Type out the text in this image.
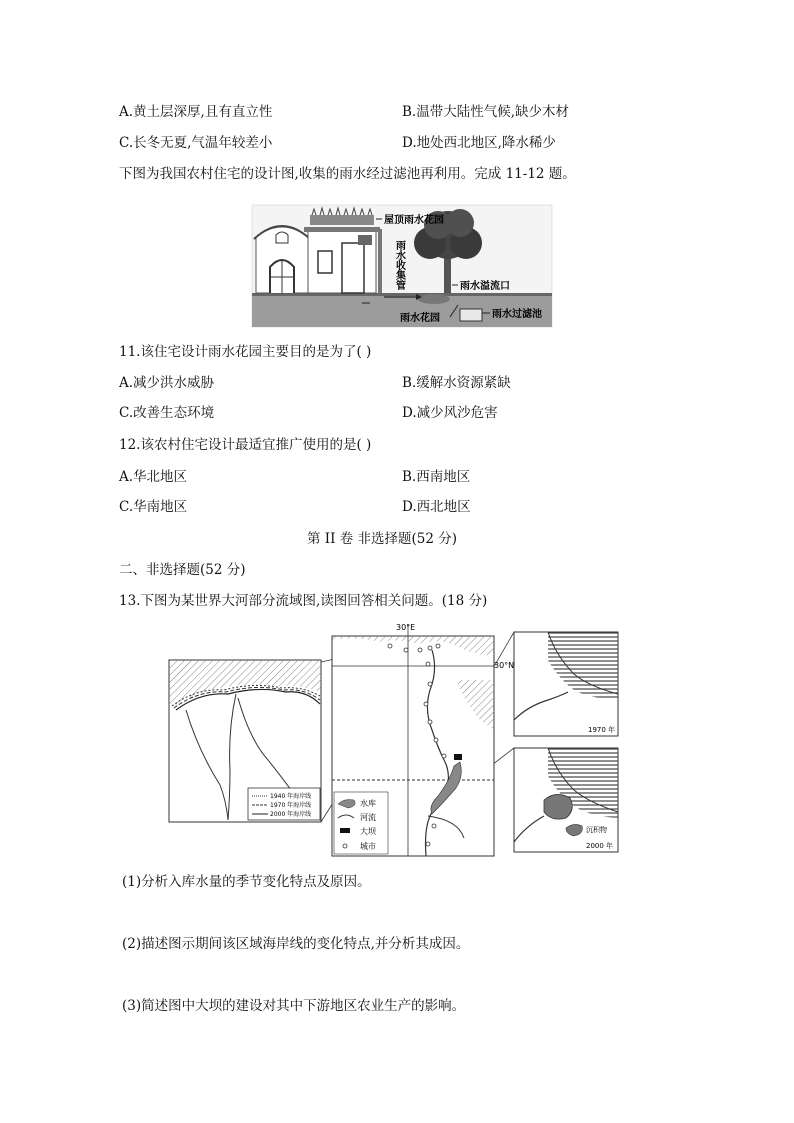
A.黄土层深厚,且有直立性	B.温带大陆性气候,缺少木材
C.长冬无夏,气温年较差小	D.地处西北地区,降水稀少
下图为我国农村住宅的设计图,收集的雨水经过滤池再利用。完成 11-12 题。
屋顶雨水花园
雨水收集管	雨水溢流口
雨水花园	雨水过滤池
11.该住宅设计雨水花园主要目的是为了( )
A.减少洪水威胁	B.缓解水资源紧缺
C.改善生态环境	D.减少风沙危害
12.该农村住宅设计最适宜推广使用的是( )
A.华北地区	B.西南地区
C.华南地区	D.西北地区
第 II 卷 非选择题(52 分)
二、非选择题(52 分)
13.下图为某世界大河部分流域图,读图回答相关问题。(18 分)
1940 年海岸线
1970 年海岸线
2000 年海岸线
30°E
30°N
水库
河流
大坝
城市
1970 年
沉积物
2000 年
(1)分析入库水量的季节变化特点及原因。
(2)描述图示期间该区域海岸线的变化特点,并分析其成因。
(3)简述图中大坝的建设对其中下游地区农业生产的影响。
